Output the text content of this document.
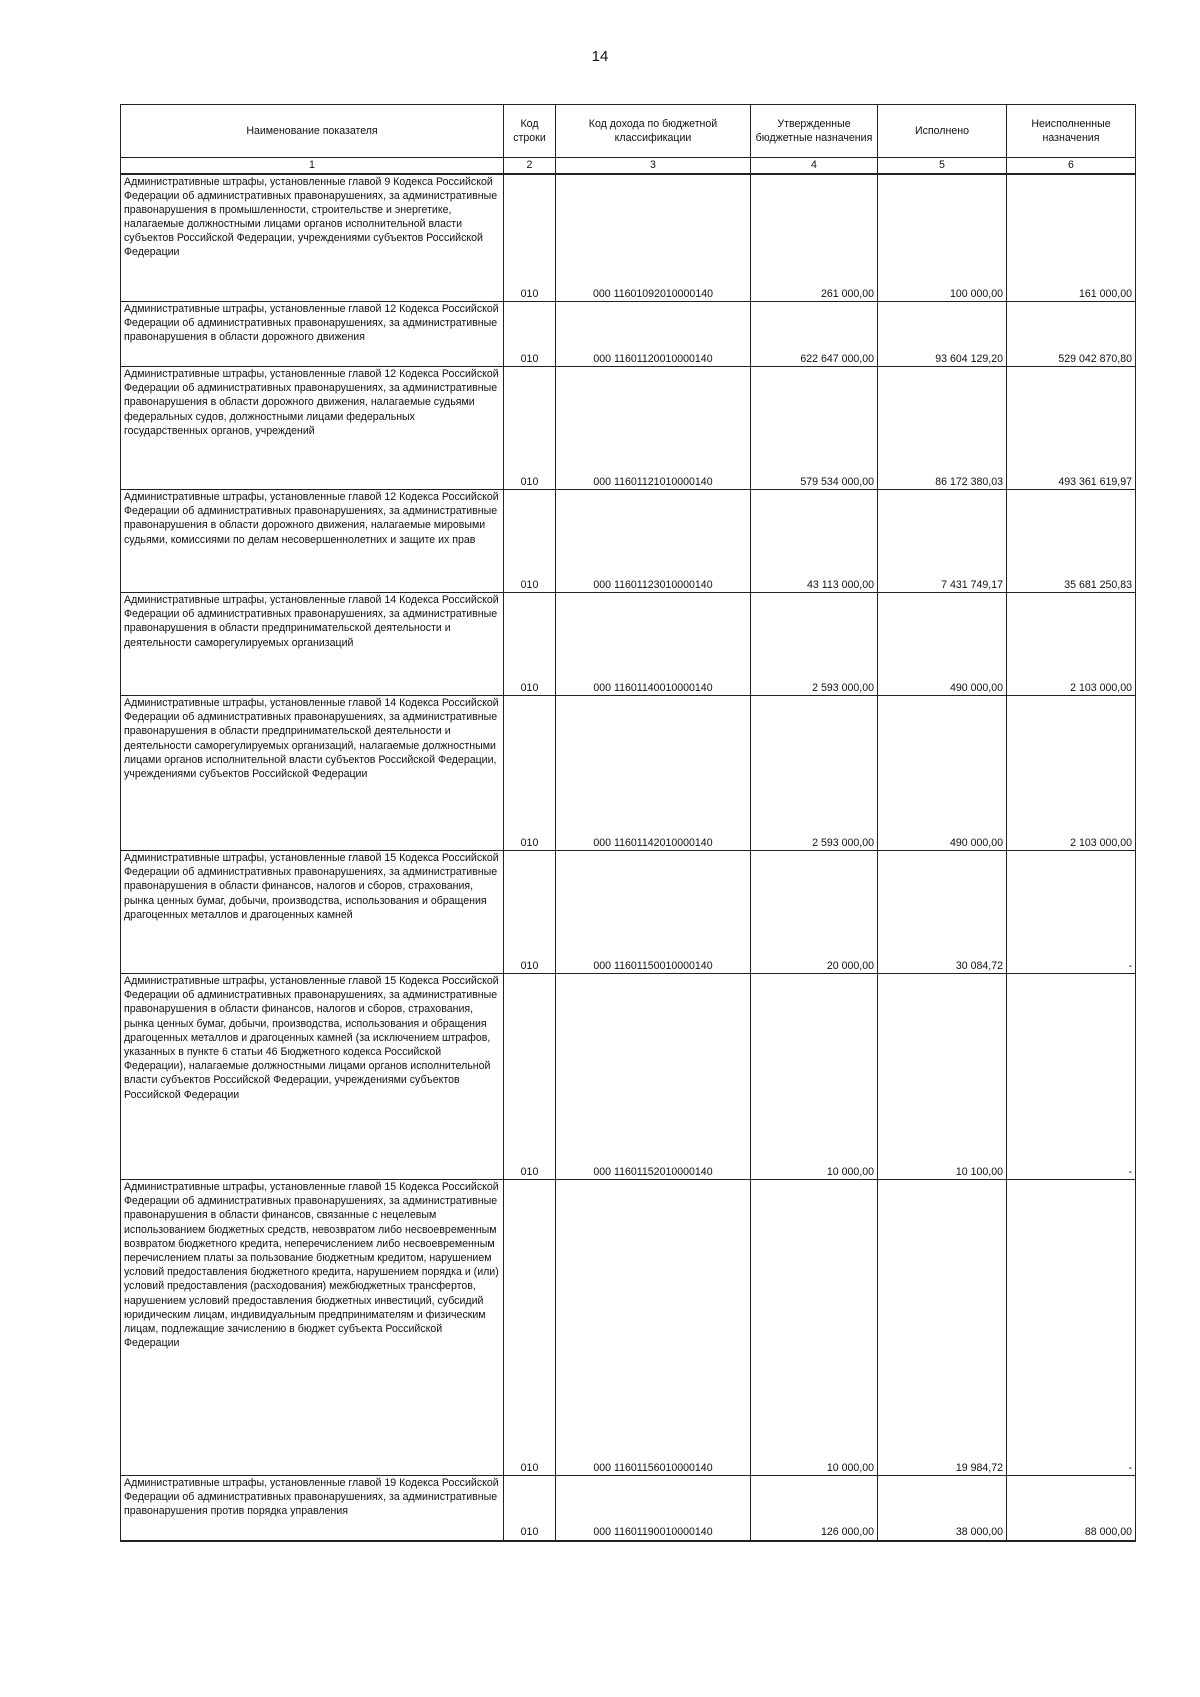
14
Наименование показателя	Код строки	Код дохода по бюджетной классификации	Утвержденные бюджетные назначения	Исполнено	Неисполненные назначения
1	2	3	4	5	6
Административные штрафы, установленные главой 9 Кодекса Российской Федерации об административных правонарушениях, за административные правонарушения в промышленности, строительстве и энергетике, налагаемые должностными лицами органов исполнительной власти субъектов Российской Федерации, учреждениями субъектов Российской Федерации	010	000 11601092010000140	261 000,00	100 000,00	161 000,00
Административные штрафы, установленные главой 12 Кодекса Российской Федерации об административных правонарушениях, за административные правонарушения в области дорожного движения	010	000 11601120010000140	622 647 000,00	93 604 129,20	529 042 870,80
Административные штрафы, установленные главой 12 Кодекса Российской Федерации об административных правонарушениях, за административные правонарушения в области дорожного движения, налагаемые судьями федеральных судов, должностными лицами федеральных государственных органов, учреждений	010	000 11601121010000140	579 534 000,00	86 172 380,03	493 361 619,97
Административные штрафы, установленные главой 12 Кодекса Российской Федерации об административных правонарушениях, за административные правонарушения в области дорожного движения, налагаемые мировыми судьями, комиссиями по делам несовершеннолетних и защите их прав	010	000 11601123010000140	43 113 000,00	7 431 749,17	35 681 250,83
Административные штрафы, установленные главой 14 Кодекса Российской Федерации об административных правонарушениях, за административные правонарушения в области предпринимательской деятельности и деятельности саморегулируемых организаций	010	000 11601140010000140	2 593 000,00	490 000,00	2 103 000,00
Административные штрафы, установленные главой 14 Кодекса Российской Федерации об административных правонарушениях, за административные правонарушения в области предпринимательской деятельности и деятельности саморегулируемых организаций, налагаемые должностными лицами органов исполнительной власти субъектов Российской Федерации, учреждениями субъектов Российской Федерации	010	000 11601142010000140	2 593 000,00	490 000,00	2 103 000,00
Административные штрафы, установленные главой 15 Кодекса Российской Федерации об административных правонарушениях, за административные правонарушения в области финансов, налогов и сборов, страхования, рынка ценных бумаг, добычи, производства, использования и обращения драгоценных металлов и драгоценных камней	010	000 11601150010000140	20 000,00	30 084,72	-
Административные штрафы, установленные главой 15 Кодекса Российской Федерации об административных правонарушениях, за административные правонарушения в области финансов, налогов и сборов, страхования, рынка ценных бумаг, добычи, производства, использования и обращения драгоценных металлов и драгоценных камней (за исключением штрафов, указанных в пункте 6 статьи 46 Бюджетного кодекса Российской Федерации), налагаемые должностными лицами органов исполнительной власти субъектов Российской Федерации, учреждениями субъектов Российской Федерации	010	000 11601152010000140	10 000,00	10 100,00	-
Административные штрафы, установленные главой 15 Кодекса Российской Федерации об административных правонарушениях, за административные правонарушения в области финансов, связанные с нецелевым использованием бюджетных средств, невозвратом либо несвоевременным возвратом бюджетного кредита, неперечислением либо несвоевременным перечислением платы за пользование бюджетным кредитом, нарушением условий предоставления бюджетного кредита, нарушением порядка и (или) условий предоставления (расходования) межбюджетных трансфертов, нарушением условий предоставления бюджетных инвестиций, субсидий юридическим лицам, индивидуальным предпринимателям и физическим лицам, подлежащие зачислению в бюджет субъекта Российской Федерации	010	000 11601156010000140	10 000,00	19 984,72	-
Административные штрафы, установленные главой 19 Кодекса Российской Федерации об административных правонарушениях, за административные правонарушения против порядка управления	010	000 11601190010000140	126 000,00	38 000,00	88 000,00
